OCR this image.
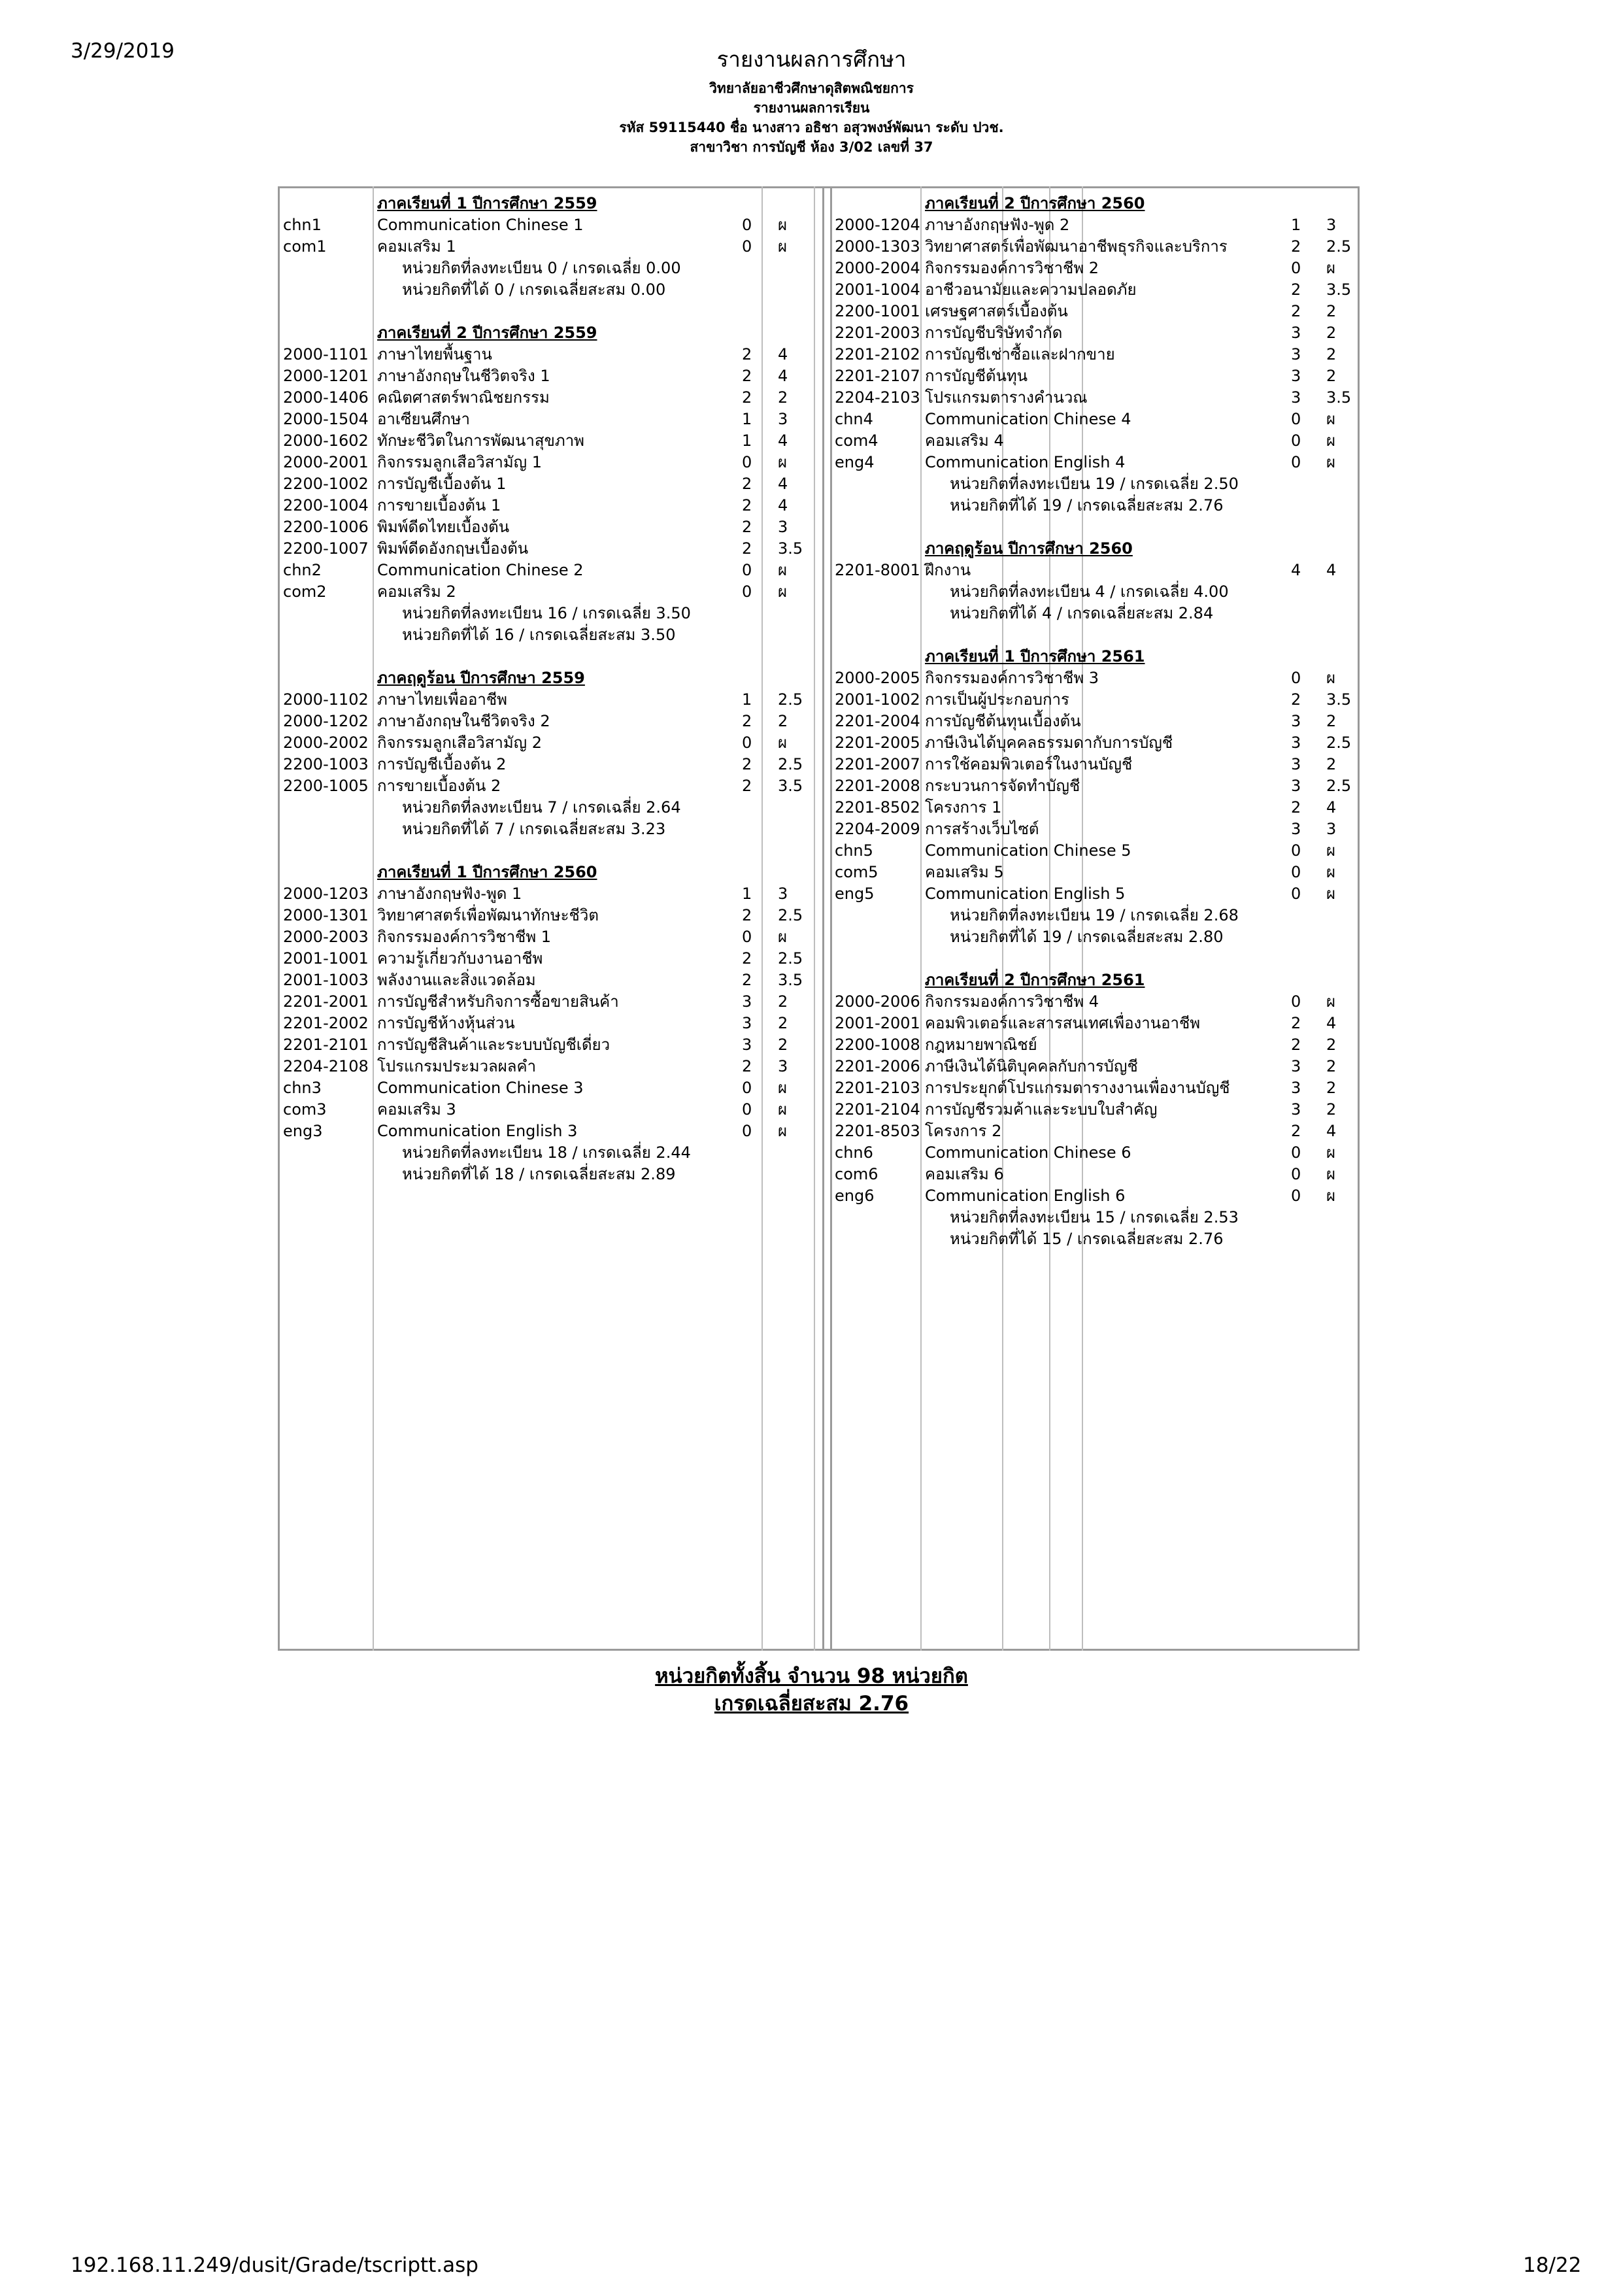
3/29/2019	รายงานผลการศึกษา
วิทยาลัยอาชีวศึกษาดุสิตพณิชยการ
รายงานผลการเรียน
รหัส 59115440 ชื่อ นางสาว อธิชา อสุวพงษ์พัฒนา ระดับ ปวช.
สาขาวิชา การบัญชี ห้อง 3/02 เลขที่ 37
ภาคเรียนที่ 1 ปีการศึกษา 2559
chn1	Communication Chinese 1	0 ผ
com1	คอมเสริม 1	0 ผ
หน่วยกิตที่ลงทะเบียน 0 / เกรดเฉลี่ย 0.00
หน่วยกิตที่ได้ 0 / เกรดเฉลี่ยสะสม 0.00
ภาคเรียนที่ 2 ปีการศึกษา 2559
2000-1101 ภาษาไทยพื้นฐาน	2 4
2000-1201 ภาษาอังกฤษในชีวิตจริง 1	2 4
2000-1406 คณิตศาสตร์พาณิชยกรรม	2 2
2000-1504 อาเซียนศึกษา	1 3
2000-1602 ทักษะชีวิตในการพัฒนาสุขภาพ	1 4
2000-2001 กิจกรรมลูกเสือวิสามัญ 1	0 ผ
2200-1002 การบัญชีเบื้องต้น 1	2 4
2200-1004 การขายเบื้องต้น 1	2 4
2200-1006 พิมพ์ดีดไทยเบื้องต้น	2 3
2200-1007 พิมพ์ดีดอังกฤษเบื้องต้น	2 3.5
chn2	Communication Chinese 2	0 ผ
com2	คอมเสริม 2	0 ผ
หน่วยกิตที่ลงทะเบียน 16 / เกรดเฉลี่ย 3.50
หน่วยกิตที่ได้ 16 / เกรดเฉลี่ยสะสม 3.50
ภาคฤดูร้อน ปีการศึกษา 2559
2000-1102 ภาษาไทยเพื่ออาชีพ	1 2.5
2000-1202 ภาษาอังกฤษในชีวิตจริง 2	2 2
2000-2002 กิจกรรมลูกเสือวิสามัญ 2	0 ผ
2200-1003 การบัญชีเบื้องต้น 2	2 2.5
2200-1005 การขายเบื้องต้น 2	2 3.5
หน่วยกิตที่ลงทะเบียน 7 / เกรดเฉลี่ย 2.64
หน่วยกิตที่ได้ 7 / เกรดเฉลี่ยสะสม 3.23
ภาคเรียนที่ 1 ปีการศึกษา 2560
2000-1203 ภาษาอังกฤษฟัง-พูด 1	1 3
2000-1301 วิทยาศาสตร์เพื่อพัฒนาทักษะชีวิต	2 2.5
2000-2003 กิจกรรมองค์การวิชาชีพ 1	0 ผ
2001-1001 ความรู้เกี่ยวกับงานอาชีพ	2 2.5
2001-1003 พลังงานและสิ่งแวดล้อม	2 3.5
2201-2001 การบัญชีสำหรับกิจการซื้อขายสินค้า	3 2
2201-2002 การบัญชีห้างหุ้นส่วน	3 2
2201-2101 การบัญชีสินค้าและระบบบัญชีเดี่ยว	3 2
2204-2108 โปรแกรมประมวลผลคำ	2 3
chn3	Communication Chinese 3	0 ผ
com3	คอมเสริม 3	0 ผ
eng3	Communication English 3	0 ผ
หน่วยกิตที่ลงทะเบียน 18 / เกรดเฉลี่ย 2.44
หน่วยกิตที่ได้ 18 / เกรดเฉลี่ยสะสม 2.89
ภาคเรียนที่ 2 ปีการศึกษา 2560
2000-1204 ภาษาอังกฤษฟัง-พูด 2	1 3
2000-1303 วิทยาศาสตร์เพื่อพัฒนาอาชีพธุรกิจและบริการ	2 2.5
2000-2004 กิจกรรมองค์การวิชาชีพ 2	0 ผ
2001-1004 อาชีวอนามัยและความปลอดภัย	2 3.5
2200-1001 เศรษฐศาสตร์เบื้องต้น	2 2
2201-2003 การบัญชีบริษัทจำกัด	3 2
2201-2102 การบัญชีเช่าซื้อและฝากขาย	3 2
2201-2107 การบัญชีต้นทุน	3 2
2204-2103 โปรแกรมตารางคำนวณ	3 3.5
chn4	Communication Chinese 4	0 ผ
com4	คอมเสริม 4	0 ผ
eng4	Communication English 4	0 ผ
หน่วยกิตที่ลงทะเบียน 19 / เกรดเฉลี่ย 2.50
หน่วยกิตที่ได้ 19 / เกรดเฉลี่ยสะสม 2.76
ภาคฤดูร้อน ปีการศึกษา 2560
2201-8001 ฝึกงาน	4 4
หน่วยกิตที่ลงทะเบียน 4 / เกรดเฉลี่ย 4.00
หน่วยกิตที่ได้ 4 / เกรดเฉลี่ยสะสม 2.84
ภาคเรียนที่ 1 ปีการศึกษา 2561
2000-2005 กิจกรรมองค์การวิชาชีพ 3	0 ผ
2001-1002 การเป็นผู้ประกอบการ	2 3.5
2201-2004 การบัญชีต้นทุนเบื้องต้น	3 2
2201-2005 ภาษีเงินได้บุคคลธรรมดากับการบัญชี	3 2.5
2201-2007 การใช้คอมพิวเตอร์ในงานบัญชี	3 2
2201-2008 กระบวนการจัดทำบัญชี	3 2.5
2201-8502 โครงการ 1	2 4
2204-2009 การสร้างเว็บไซต์	3 3
chn5	Communication Chinese 5	0 ผ
com5	คอมเสริม 5	0 ผ
eng5	Communication English 5	0 ผ
หน่วยกิตที่ลงทะเบียน 19 / เกรดเฉลี่ย 2.68
หน่วยกิตที่ได้ 19 / เกรดเฉลี่ยสะสม 2.80
ภาคเรียนที่ 2 ปีการศึกษา 2561
2000-2006 กิจกรรมองค์การวิชาชีพ 4	0 ผ
2001-2001 คอมพิวเตอร์และสารสนเทศเพื่องานอาชีพ	2 4
2200-1008 กฎหมายพาณิชย์	2 2
2201-2006 ภาษีเงินได้นิติบุคคลกับการบัญชี	3 2
2201-2103 การประยุกต์โปรแกรมตารางงานเพื่องานบัญชี	3 2
2201-2104 การบัญชีรวมค้าและระบบใบสำคัญ	3 2
2201-8503 โครงการ 2	2 4
chn6	Communication Chinese 6	0 ผ
com6	คอมเสริม 6	0 ผ
eng6	Communication English 6	0 ผ
หน่วยกิตที่ลงทะเบียน 15 / เกรดเฉลี่ย 2.53
หน่วยกิตที่ได้ 15 / เกรดเฉลี่ยสะสม 2.76
หน่วยกิตทั้งสิ้น จำนวน 98 หน่วยกิต
เกรดเฉลี่ยสะสม 2.76
192.168.11.249/dusit/Grade/tscriptt.asp	18/22
